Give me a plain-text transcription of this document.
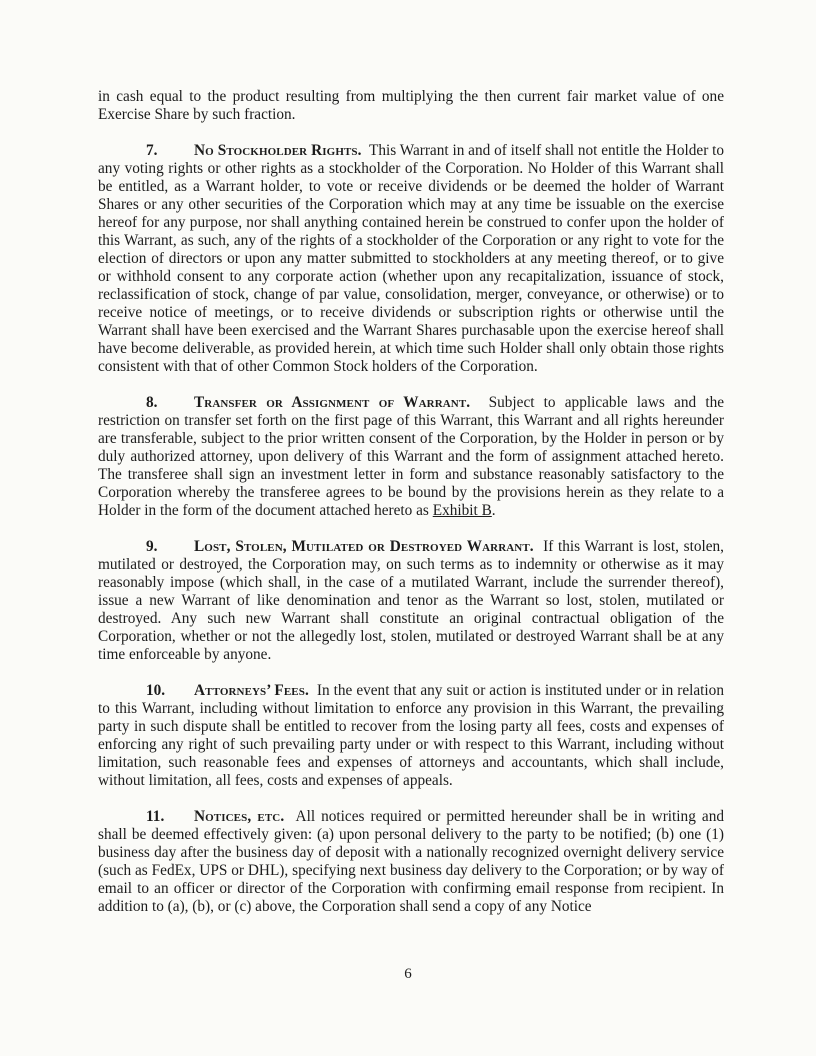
in cash equal to the product resulting from multiplying the then current fair market value of one Exercise Share by such fraction.

7. No Stockholder Rights. This Warrant in and of itself shall not entitle the Holder to any voting rights or other rights as a stockholder of the Corporation. No Holder of this Warrant shall be entitled, as a Warrant holder, to vote or receive dividends or be deemed the holder of Warrant Shares or any other securities of the Corporation which may at any time be issuable on the exercise hereof for any purpose, nor shall anything contained herein be construed to confer upon the holder of this Warrant, as such, any of the rights of a stockholder of the Corporation or any right to vote for the election of directors or upon any matter submitted to stockholders at any meeting thereof, or to give or withhold consent to any corporate action (whether upon any recapitalization, issuance of stock, reclassification of stock, change of par value, consolidation, merger, conveyance, or otherwise) or to receive notice of meetings, or to receive dividends or subscription rights or otherwise until the Warrant shall have been exercised and the Warrant Shares purchasable upon the exercise hereof shall have become deliverable, as provided herein, at which time such Holder shall only obtain those rights consistent with that of other Common Stock holders of the Corporation.

8. Transfer or Assignment of Warrant. Subject to applicable laws and the restriction on transfer set forth on the first page of this Warrant, this Warrant and all rights hereunder are transferable, subject to the prior written consent of the Corporation, by the Holder in person or by duly authorized attorney, upon delivery of this Warrant and the form of assignment attached hereto. The transferee shall sign an investment letter in form and substance reasonably satisfactory to the Corporation whereby the transferee agrees to be bound by the provisions herein as they relate to a Holder in the form of the document attached hereto as Exhibit B.

9. Lost, Stolen, Mutilated or Destroyed Warrant. If this Warrant is lost, stolen, mutilated or destroyed, the Corporation may, on such terms as to indemnity or otherwise as it may reasonably impose (which shall, in the case of a mutilated Warrant, include the surrender thereof), issue a new Warrant of like denomination and tenor as the Warrant so lost, stolen, mutilated or destroyed. Any such new Warrant shall constitute an original contractual obligation of the Corporation, whether or not the allegedly lost, stolen, mutilated or destroyed Warrant shall be at any time enforceable by anyone.

10. Attorneys’ Fees. In the event that any suit or action is instituted under or in relation to this Warrant, including without limitation to enforce any provision in this Warrant, the prevailing party in such dispute shall be entitled to recover from the losing party all fees, costs and expenses of enforcing any right of such prevailing party under or with respect to this Warrant, including without limitation, such reasonable fees and expenses of attorneys and accountants, which shall include, without limitation, all fees, costs and expenses of appeals.

11. Notices, etc. All notices required or permitted hereunder shall be in writing and shall be deemed effectively given: (a) upon personal delivery to the party to be notified; (b) one (1) business day after the business day of deposit with a nationally recognized overnight delivery service (such as FedEx, UPS or DHL), specifying next business day delivery to the Corporation; or by way of email to an officer or director of the Corporation with confirming email response from recipient. In addition to (a), (b), or (c) above, the Corporation shall send a copy of any Notice

6
